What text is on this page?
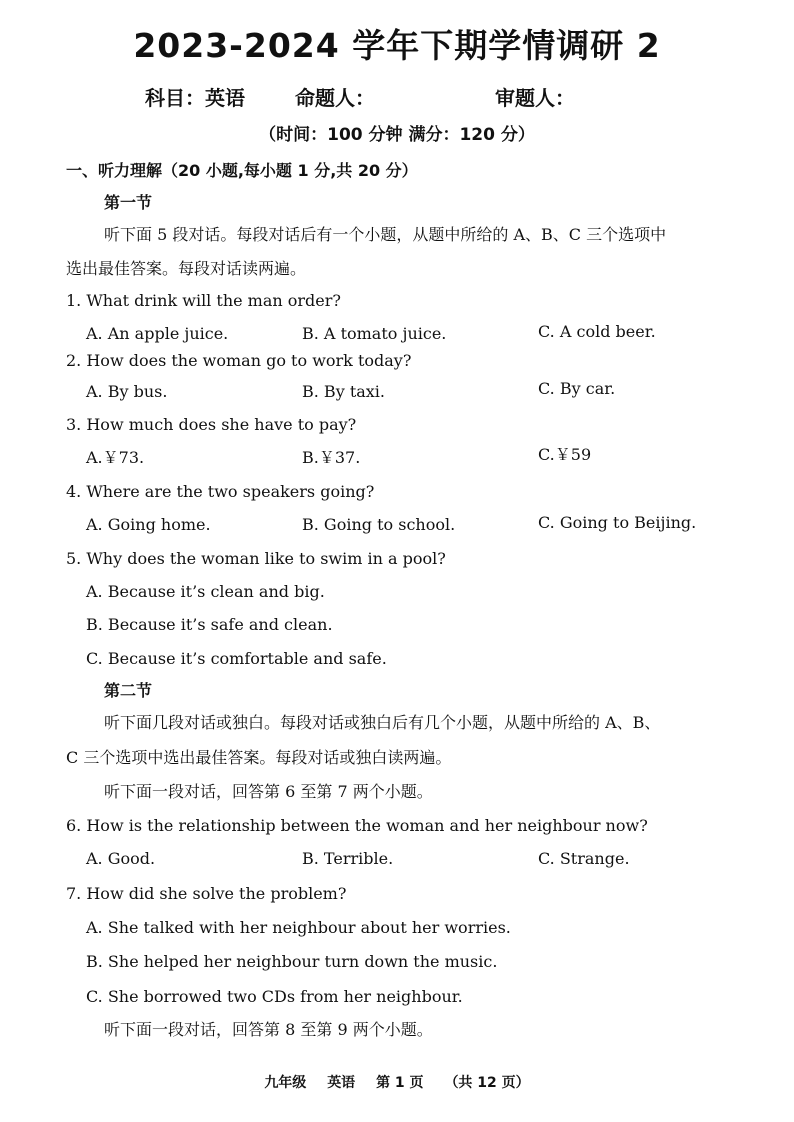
2023-2024 学年下期学情调研 2
科目：英语	命题人：	审题人：
（时间：100 分钟 满分：120 分）
一、听力理解（20 小题,每小题 1 分,共 20 分）
第一节
听下面 5 段对话。每段对话后有一个小题，从题中所给的 A、B、C 三个选项中
选出最佳答案。每段对话读两遍。
1. What drink will the man order?
A. An apple juice.	B. A tomato juice.	C. A cold beer.
2. How does the woman go to work today?
A. By bus.	B. By taxi.	C. By car.
3. How much does she have to pay?
A.￥73.	B.￥37.	C.￥59
4. Where are the two speakers going?
A. Going home.	B. Going to school.	C. Going to Beijing.
5. Why does the woman like to swim in a pool?
A. Because it’s clean and big.
B. Because it’s safe and clean.
C. Because it’s comfortable and safe.
第二节
听下面几段对话或独白。每段对话或独白后有几个小题，从题中所给的 A、B、
C 三个选项中选出最佳答案。每段对话或独白读两遍。
听下面一段对话，回答第 6 至第 7 两个小题。
6. How is the relationship between the woman and her neighbour now?
A. Good.	B. Terrible.	C. Strange.
7. How did she solve the problem?
A. She talked with her neighbour about her worries.
B. She helped her neighbour turn down the music.
C. She borrowed two CDs from her neighbour.
听下面一段对话，回答第 8 至第 9 两个小题。
九年级 英语 第 1 页 （共 12 页）
